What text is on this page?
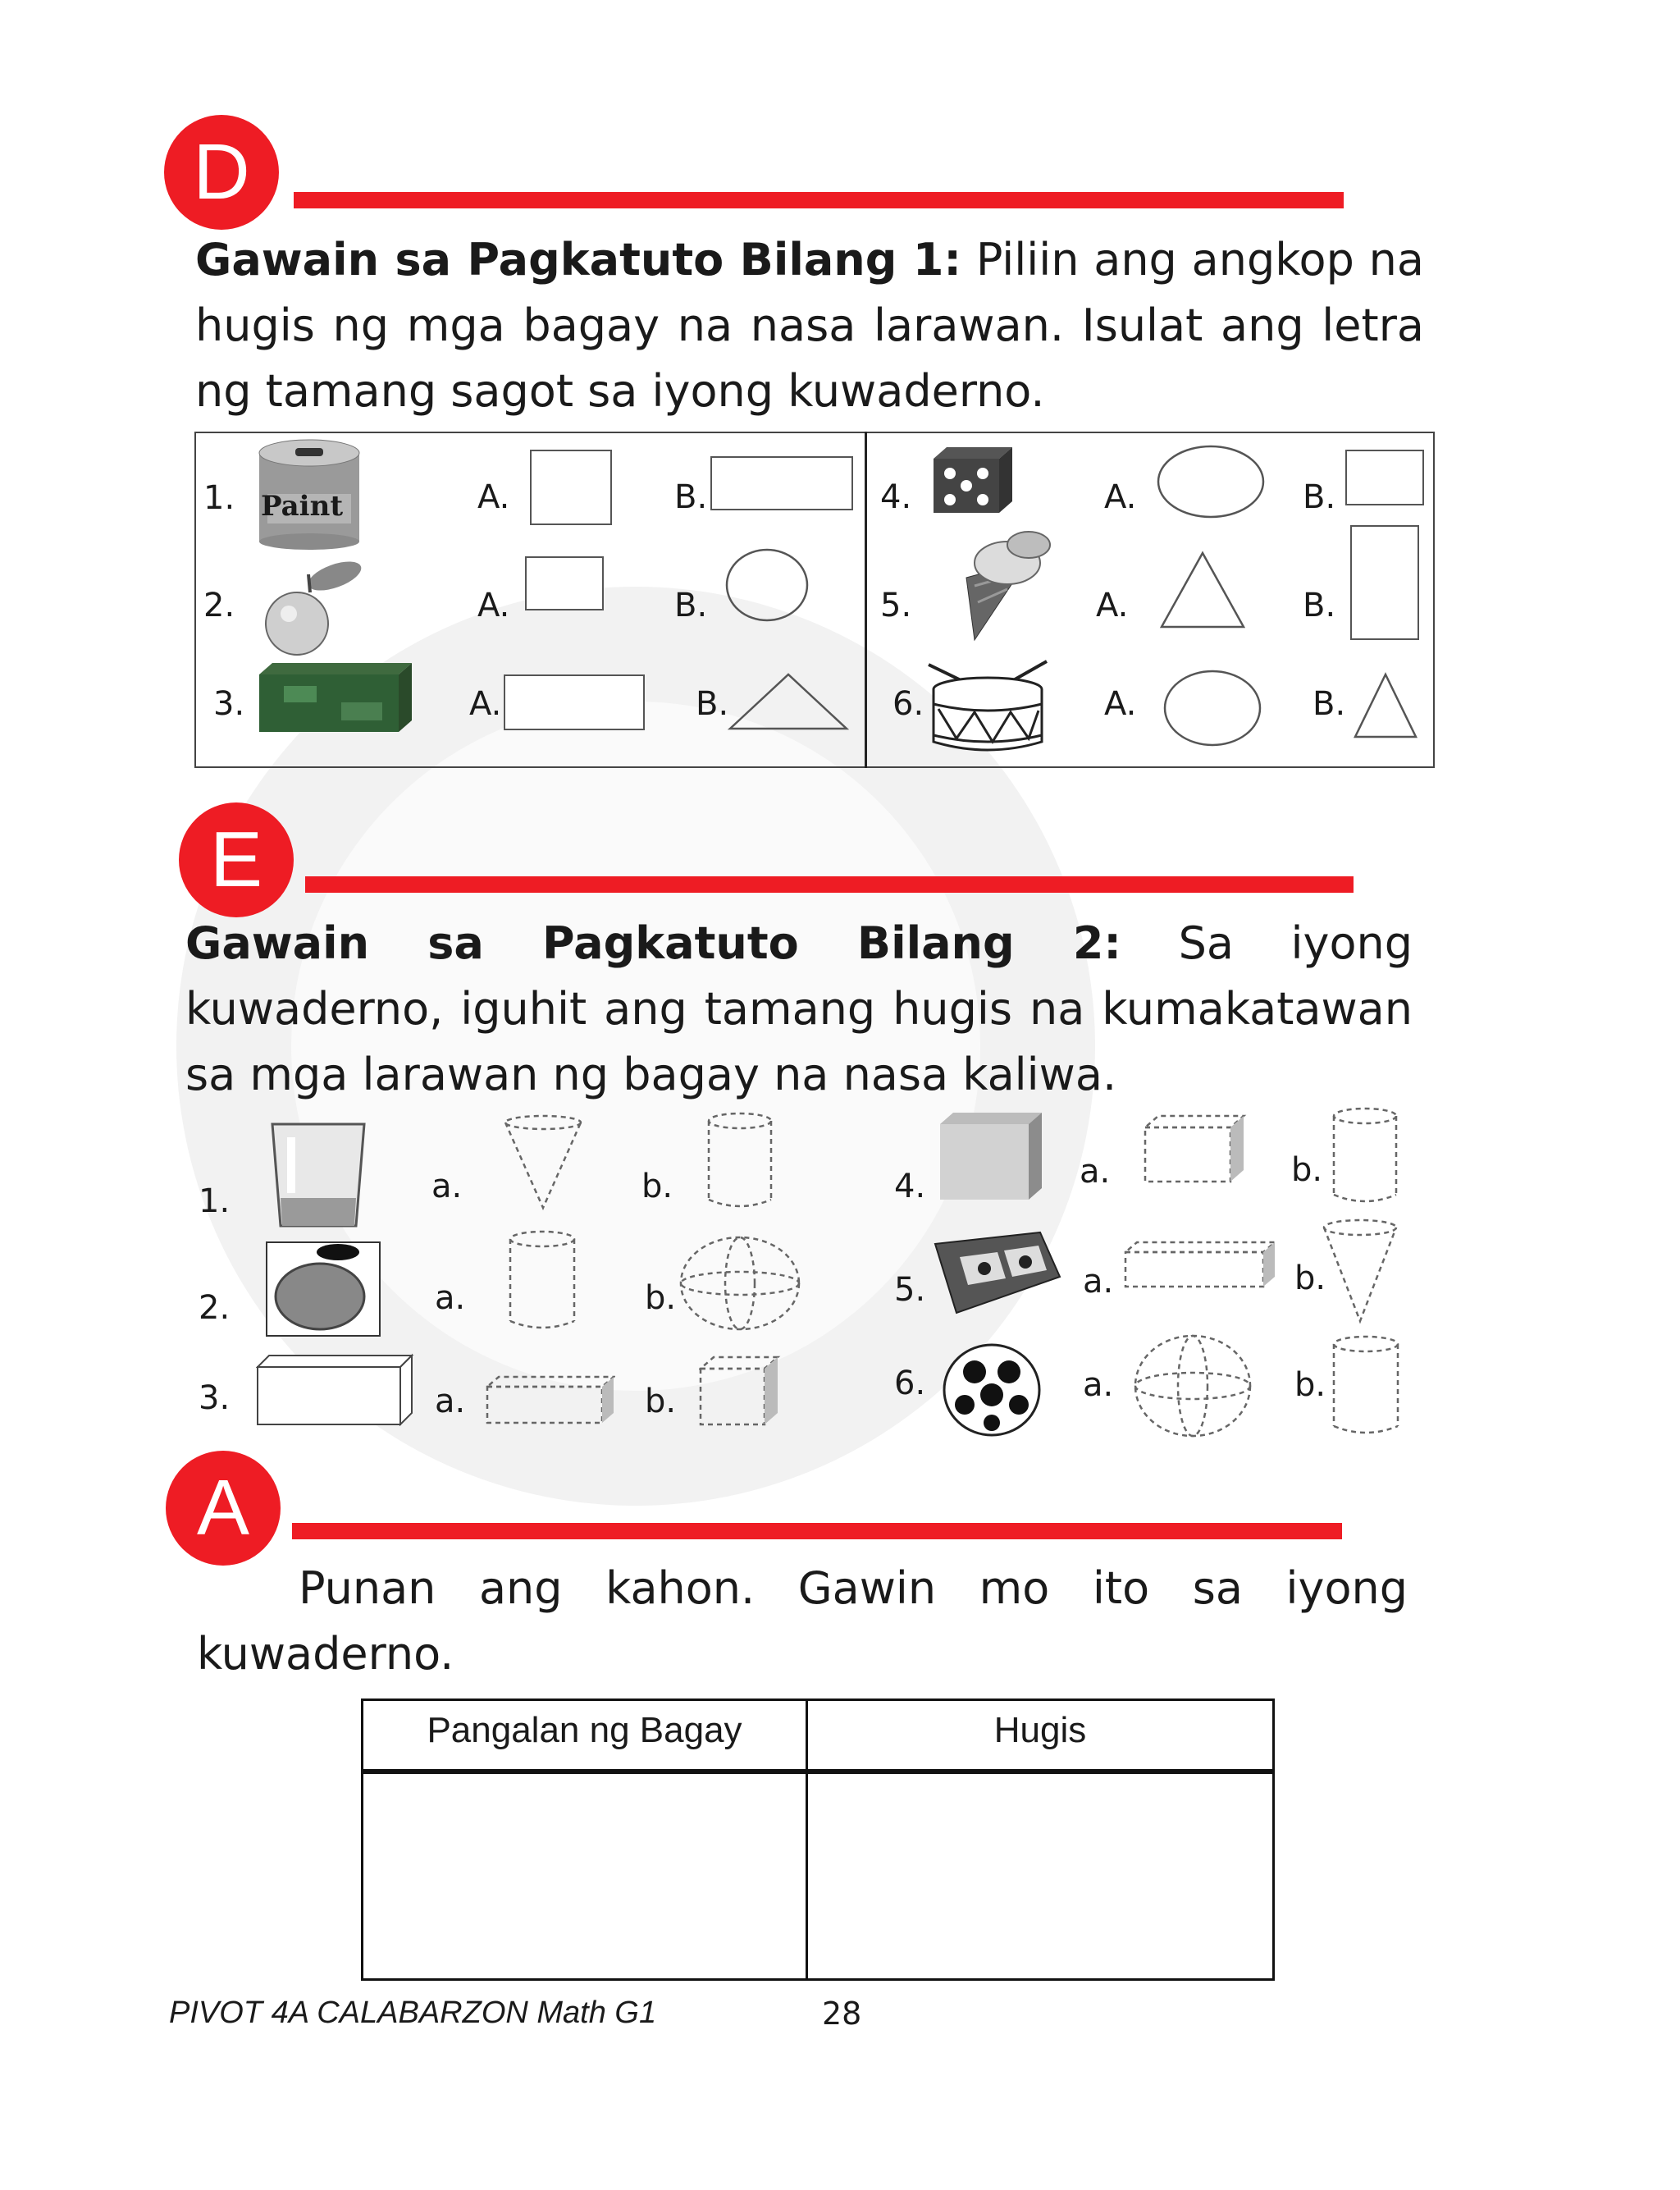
D
Gawain sa Pagkatuto Bilang 1: Piliin ang angkop na hugis ng mga bagay na nasa larawan. Isulat ang letra ng tamang sagot sa iyong kuwaderno.
1. Paint	A.	B.
2.	A.	B.
3.	A.	B.
4.	A.	B.
5.	A.	B.
6.	A.	B.
E
Gawain sa Pagkatuto Bilang 2: Sa iyong kuwaderno, iguhit ang tamang hugis na kumakatawan sa mga larawan ng bagay na nasa kaliwa.
1.	a.	b.
2.	a.	b.
3.	a.	b.
4.	a.	b.
5.	a.	b.
6.	a.	b.
A
Punan ang kahon. Gawin mo ito sa iyong kuwaderno.
Pangalan ng Bagay	Hugis
PIVOT 4A CALABARZON Math G1	28
